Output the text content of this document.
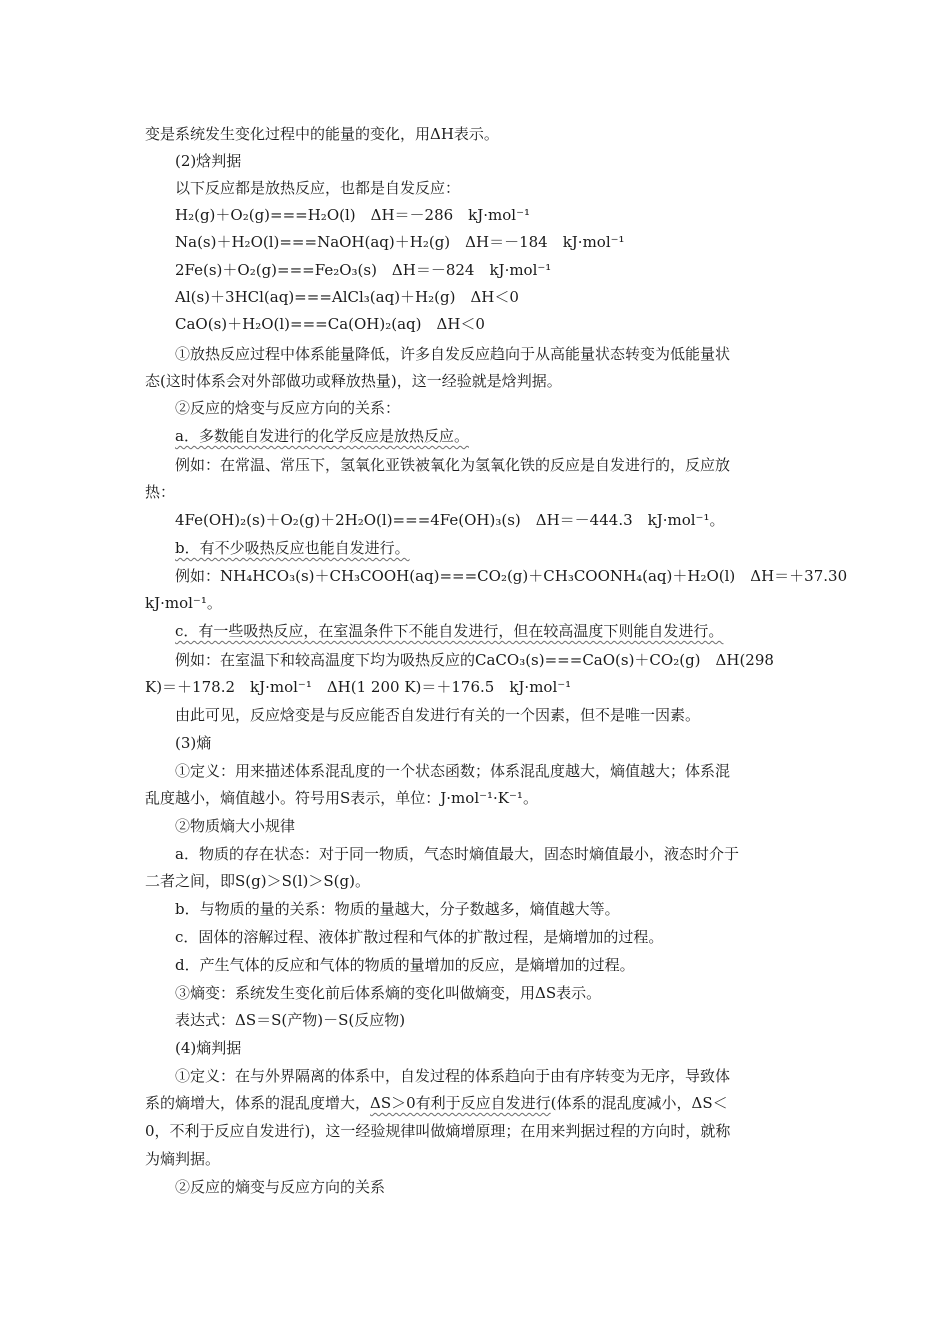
变是系统发生变化过程中的能量的变化，用ΔH表示。

(2)焓判据

以下反应都是放热反应，也都是自发反应：

H₂(g)＋O₂(g)===H₂O(l)　ΔH＝－286　kJ·mol⁻¹

Na(s)＋H₂O(l)===NaOH(aq)＋H₂(g)　ΔH＝－184　kJ·mol⁻¹

2Fe(s)＋O₂(g)===Fe₂O₃(s)　ΔH＝－824　kJ·mol⁻¹

Al(s)＋3HCl(aq)===AlCl₃(aq)＋H₂(g)　ΔH＜0

CaO(s)＋H₂O(l)===Ca(OH)₂(aq)　ΔH＜0

①放热反应过程中体系能量降低，许多自发反应趋向于从高能量状态转变为低能量状

态(这时体系会对外部做功或释放热量)，这一经验就是焓判据。

②反应的焓变与反应方向的关系：

a．多数能自发进行的化学反应是放热反应。

例如：在常温、常压下，氢氧化亚铁被氧化为氢氧化铁的反应是自发进行的，反应放

热：

4Fe(OH)₂(s)＋O₂(g)＋2H₂O(l)===4Fe(OH)₃(s)　ΔH＝－444.3　kJ·mol⁻¹。

b．有不少吸热反应也能自发进行。

例如：NH₄HCO₃(s)＋CH₃COOH(aq)===CO₂(g)＋CH₃COONH₄(aq)＋H₂O(l)　ΔH＝＋37.30

kJ·mol⁻¹。

c．有一些吸热反应，在室温条件下不能自发进行，但在较高温度下则能自发进行。

例如：在室温下和较高温度下均为吸热反应的CaCO₃(s)===CaO(s)＋CO₂(g)　ΔH(298

K)＝＋178.2　kJ·mol⁻¹　ΔH(1 200 K)＝＋176.5　kJ·mol⁻¹

由此可见，反应焓变是与反应能否自发进行有关的一个因素，但不是唯一因素。

(3)熵

①定义：用来描述体系混乱度的一个状态函数；体系混乱度越大，熵值越大；体系混

乱度越小，熵值越小。符号用S表示，单位：J·mol⁻¹·K⁻¹。

②物质熵大小规律

a．物质的存在状态：对于同一物质，气态时熵值最大，固态时熵值最小，液态时介于

二者之间，即S(g)＞S(l)＞S(g)。

b．与物质的量的关系：物质的量越大，分子数越多，熵值越大等。

c．固体的溶解过程、液体扩散过程和气体的扩散过程，是熵增加的过程。

d．产生气体的反应和气体的物质的量增加的反应，是熵增加的过程。

③熵变：系统发生变化前后体系熵的变化叫做熵变，用ΔS表示。

表达式：ΔS＝S(产物)－S(反应物)

(4)熵判据

①定义：在与外界隔离的体系中，自发过程的体系趋向于由有序转变为无序，导致体

系的熵增大，体系的混乱度增大，ΔS＞0有利于反应自发进行(体系的混乱度减小，ΔS＜

0，不利于反应自发进行)，这一经验规律叫做熵增原理；在用来判据过程的方向时，就称

为熵判据。

②反应的熵变与反应方向的关系
